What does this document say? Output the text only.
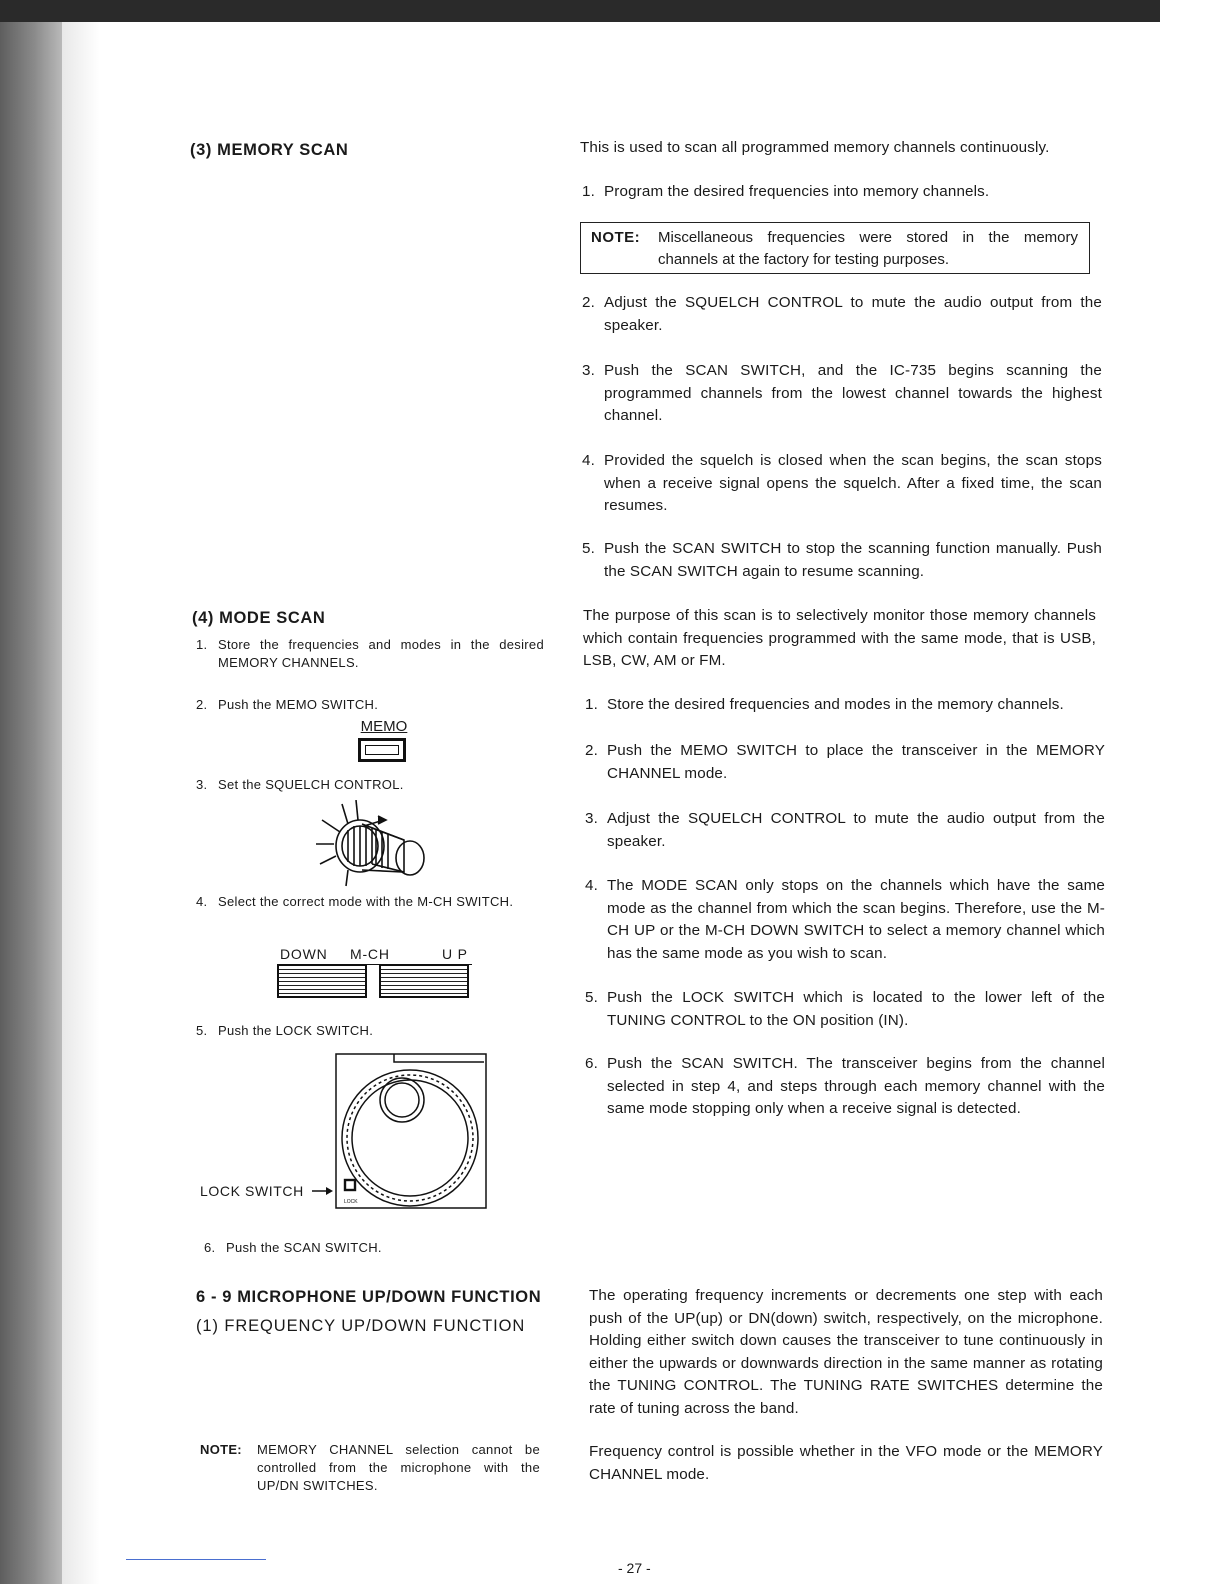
(3) MEMORY SCAN	This is used to scan all programmed memory channels continuously.
1. Program the desired frequencies into memory channels.
NOTE: Miscellaneous frequencies were stored in the memory channels at the factory for testing purposes.
2. Adjust the SQUELCH CONTROL to mute the audio output from the speaker.
3. Push the SCAN SWITCH, and the IC-735 begins scanning the programmed channels from the lowest channel towards the highest channel.
4. Provided the squelch is closed when the scan begins, the scan stops when a receive signal opens the squelch. After a fixed time, the scan resumes.
5. Push the SCAN SWITCH to stop the scanning function manually. Push the SCAN SWITCH again to resume scanning.
(4) MODE SCAN	The purpose of this scan is to selectively monitor those memory channels which contain frequencies programmed with the same mode, that is USB, LSB, CW, AM or FM.
1. Store the frequencies and modes in the desired MEMORY CHANNELS.
2. Push the MEMO SWITCH.
MEMO
3. Set the SQUELCH CONTROL.
4. Select the correct mode with the M-CH SWITCH.
DOWN M-CH	U P
5. Push the LOCK SWITCH.
LOCK
LOCK SWITCH
6. Push the SCAN SWITCH.
1. Store the desired frequencies and modes in the memory channels.
2. Push the MEMO SWITCH to place the transceiver in the MEMORY CHANNEL mode.
3. Adjust the SQUELCH CONTROL to mute the audio output from the speaker.
4. The MODE SCAN only stops on the channels which have the same mode as the channel from which the scan begins. Therefore, use the M-CH UP or the M-CH DOWN SWITCH to select a memory channel which has the same mode as you wish to scan.
5. Push the LOCK SWITCH which is located to the lower left of the TUNING CONTROL to the ON position (IN).
6. Push the SCAN SWITCH. The transceiver begins from the channel selected in step 4, and steps through each memory channel with the same mode stopping only when a receive signal is detected.
6 - 9 MICROPHONE UP/DOWN FUNCTION
(1) FREQUENCY UP/DOWN FUNCTION
The operating frequency increments or decrements one step with each push of the UP(up) or DN(down) switch, respectively, on the microphone. Holding either switch down causes the transceiver to tune continuously in either the upwards or downwards direction in the same manner as rotating the TUNING CONTROL. The TUNING RATE SWITCHES determine the rate of tuning across the band.
Frequency control is possible whether in the VFO mode or the MEMORY CHANNEL mode.
NOTE: MEMORY CHANNEL selection cannot be controlled from the microphone with the UP/DN SWITCHES.
- 27 -
